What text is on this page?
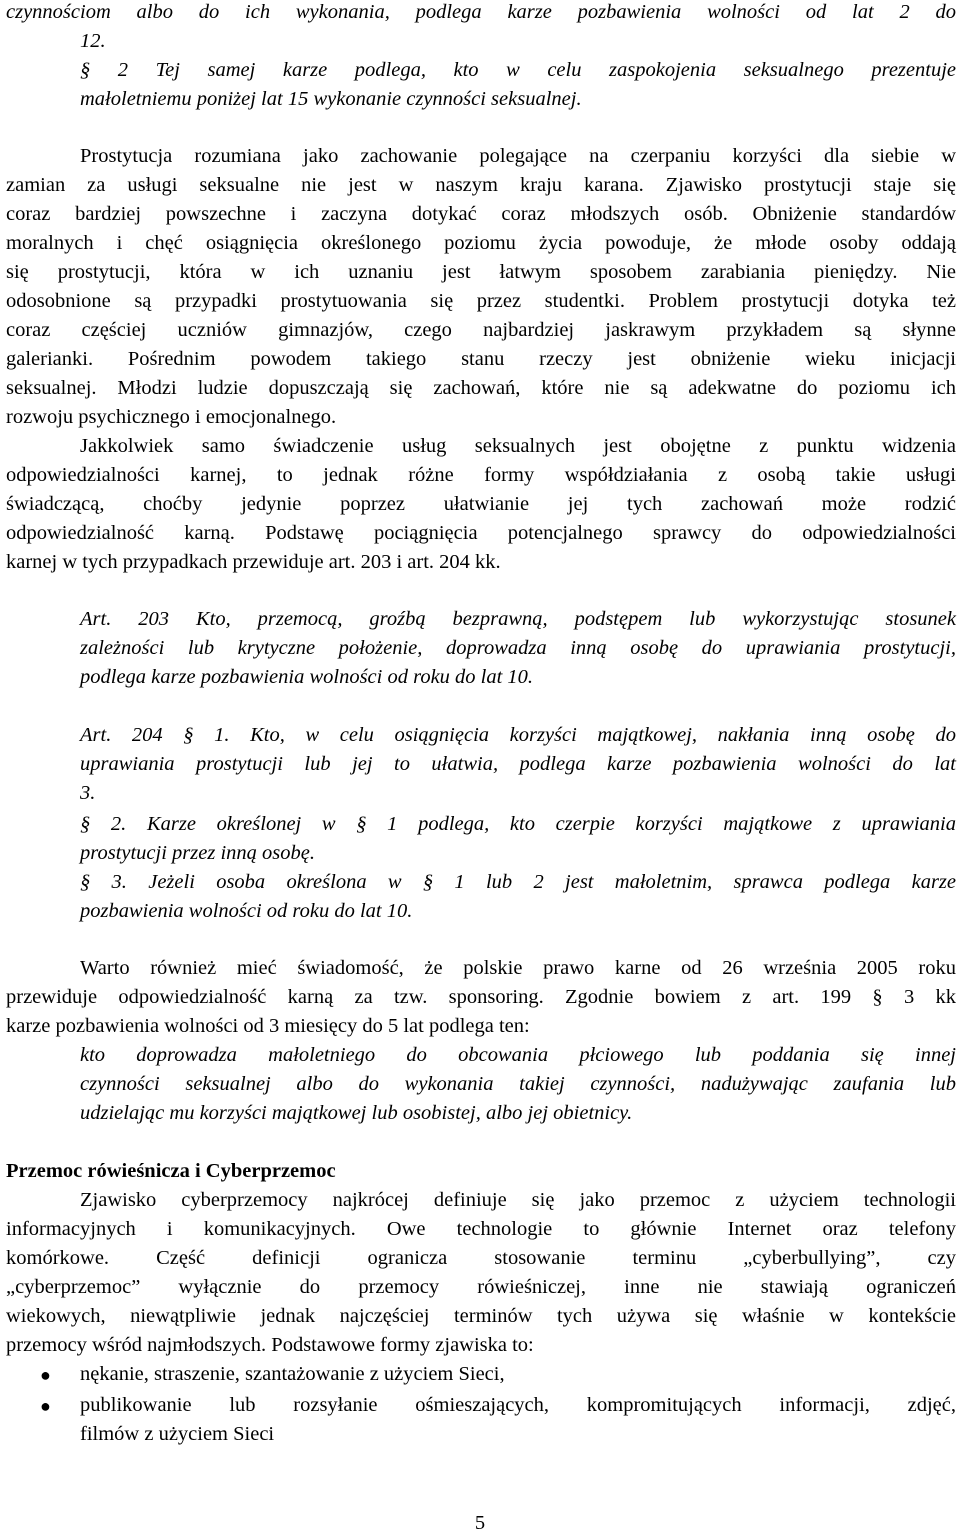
czynnościom albo do ich wykonania, podlega karze pozbawienia wolności od lat 2 do
12.
§ 2 Tej samej karze podlega, kto w celu zaspokojenia seksualnego prezentuje
małoletniemu poniżej lat 15 wykonanie czynności seksualnej.
Prostytucja rozumiana jako zachowanie polegające na czerpaniu korzyści dla siebie w
zamian za usługi seksualne nie jest w naszym kraju karana. Zjawisko prostytucji staje się
coraz bardziej powszechne i zaczyna dotykać coraz młodszych osób. Obniżenie standardów
moralnych i chęć osiągnięcia określonego poziomu życia powoduje, że młode osoby oddają
się prostytucji, która w ich uznaniu jest łatwym sposobem zarabiania pieniędzy. Nie
odosobnione są przypadki prostytuowania się przez studentki. Problem prostytucji dotyka też
coraz częściej uczniów gimnazjów, czego najbardziej jaskrawym przykładem są słynne
galerianki. Pośrednim powodem takiego stanu rzeczy jest obniżenie wieku inicjacji
seksualnej. Młodzi ludzie dopuszczają się zachowań, które nie są adekwatne do poziomu ich
rozwoju psychicznego i emocjonalnego.
Jakkolwiek samo świadczenie usług seksualnych jest obojętne z punktu widzenia
odpowiedzialności karnej, to jednak różne formy współdziałania z osobą takie usługi
świadczącą, choćby jedynie poprzez ułatwianie jej tych zachowań może rodzić
odpowiedzialność karną. Podstawę pociągnięcia potencjalnego sprawcy do odpowiedzialności
karnej w tych przypadkach przewiduje art. 203 i art. 204 kk.
Art. 203 Kto, przemocą, groźbą bezprawną, podstępem lub wykorzystując stosunek
zależności lub krytyczne położenie, doprowadza inną osobę do uprawiania prostytucji,
podlega karze pozbawienia wolności od roku do lat 10.
Art. 204 § 1. Kto, w celu osiągnięcia korzyści majątkowej, nakłania inną osobę do
uprawiania prostytucji lub jej to ułatwia, podlega karze pozbawienia wolności do lat
3.
§ 2. Karze określonej w § 1 podlega, kto czerpie korzyści majątkowe z uprawiania
prostytucji przez inną osobę.
§ 3. Jeżeli osoba określona w § 1 lub 2 jest małoletnim, sprawca podlega karze
pozbawienia wolności od roku do lat 10.
Warto również mieć świadomość, że polskie prawo karne od 26 września 2005 roku
przewiduje odpowiedzialność karną za tzw. sponsoring. Zgodnie bowiem z art. 199 § 3 kk
karze pozbawienia wolności od 3 miesięcy do 5 lat podlega ten:
kto doprowadza małoletniego do obcowania płciowego lub poddania się innej
czynności seksualnej albo do wykonania takiej czynności, nadużywając zaufania lub
udzielając mu korzyści majątkowej lub osobistej, albo jej obietnicy.
Przemoc rówieśnicza i Cyberprzemoc
Zjawisko cyberprzemocy najkrócej definiuje się jako przemoc z użyciem technologii
informacyjnych i komunikacyjnych. Owe technologie to głównie Internet oraz telefony
komórkowe. Część definicji ogranicza stosowanie terminu „cyberbullying”, czy
„cyberprzemoc” wyłącznie do przemocy rówieśniczej, inne nie stawiają ograniczeń
wiekowych, niewątpliwie jednak najczęściej terminów tych używa się właśnie w kontekście
przemocy wśród najmłodszych. Podstawowe formy zjawiska to:
● nękanie, straszenie, szantażowanie z użyciem Sieci,
● publikowanie lub rozsyłanie ośmieszających, kompromitujących informacji, zdjęć,
filmów z użyciem Sieci
5
